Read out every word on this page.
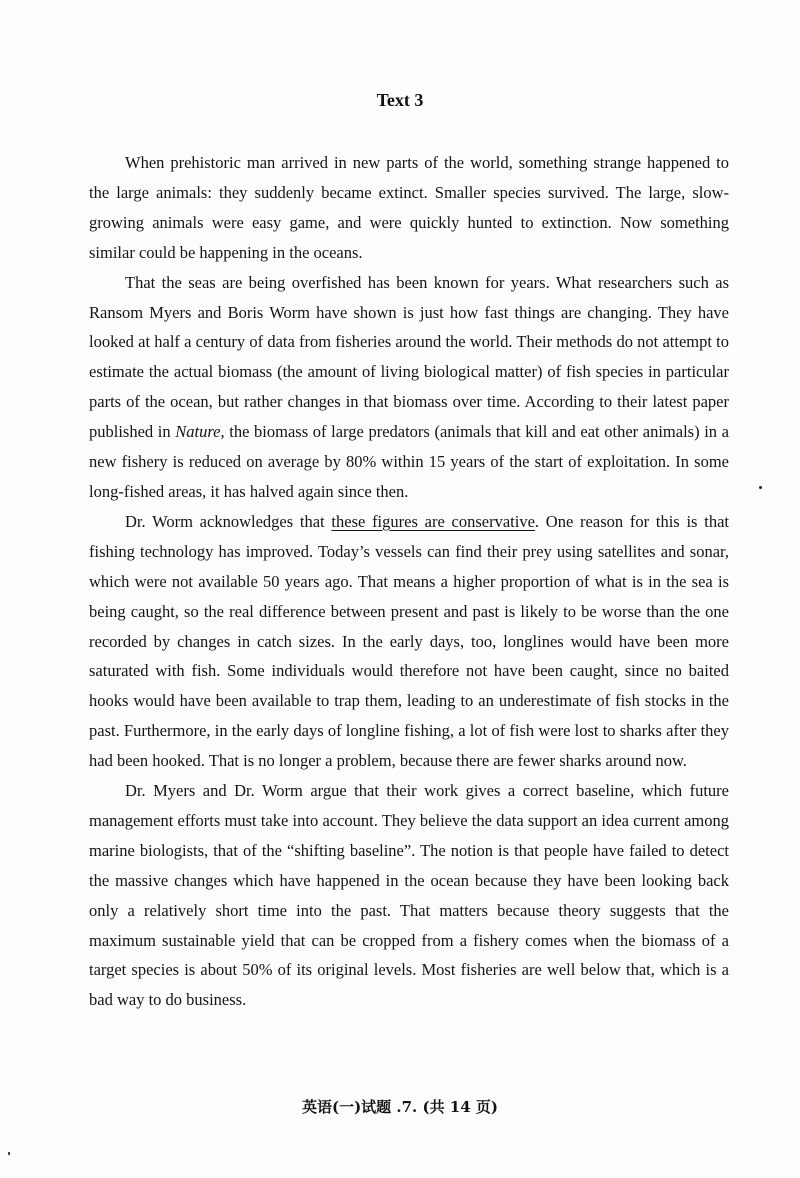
Text 3

When prehistoric man arrived in new parts of the world, something strange happened to the large animals: they suddenly became extinct. Smaller species survived. The large, slow-growing animals were easy game, and were quickly hunted to extinction. Now something similar could be happening in the oceans.

That the seas are being overfished has been known for years. What researchers such as Ransom Myers and Boris Worm have shown is just how fast things are changing. They have looked at half a century of data from fisheries around the world. Their methods do not attempt to estimate the actual biomass (the amount of living biological matter) of fish species in particular parts of the ocean, but rather changes in that biomass over time. According to their latest paper published in Nature, the biomass of large predators (animals that kill and eat other animals) in a new fishery is reduced on average by 80% within 15 years of the start of exploitation. In some long-fished areas, it has halved again since then.

Dr. Worm acknowledges that these figures are conservative. One reason for this is that fishing technology has improved. Today’s vessels can find their prey using satellites and sonar, which were not available 50 years ago. That means a higher proportion of what is in the sea is being caught, so the real difference between present and past is likely to be worse than the one recorded by changes in catch sizes. In the early days, too, longlines would have been more saturated with fish. Some individuals would therefore not have been caught, since no baited hooks would have been available to trap them, leading to an underestimate of fish stocks in the past. Furthermore, in the early days of longline fishing, a lot of fish were lost to sharks after they had been hooked. That is no longer a problem, because there are fewer sharks around now.

Dr. Myers and Dr. Worm argue that their work gives a correct baseline, which future management efforts must take into account. They believe the data support an idea current among marine biologists, that of the “shifting baseline”. The notion is that people have failed to detect the massive changes which have happened in the ocean because they have been looking back only a relatively short time into the past. That matters because theory suggests that the maximum sustainable yield that can be cropped from a fishery comes when the biomass of a target species is about 50% of its original levels. Most fisheries are well below that, which is a bad way to do business.

英语(一)试题 .7. (共 14 页)
